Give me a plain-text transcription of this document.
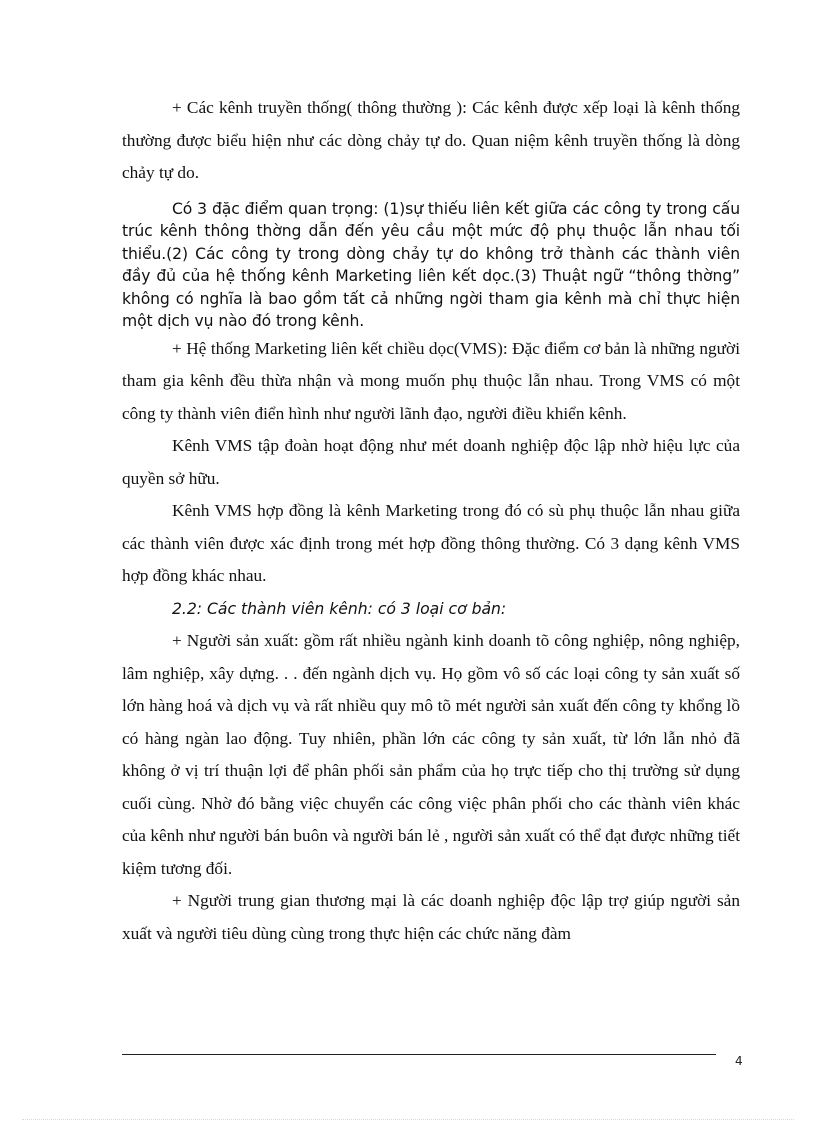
+ Các kênh truyền thống( thông thường ): Các kênh được xếp loại là kênh thống thường được biểu hiện như các dòng chảy tự do. Quan niệm kênh truyền thống là dòng chảy tự do.

Có 3 đặc điểm quan trọng: (1)sự thiếu liên kết giữa các công ty trong cấu trúc kênh thông thờng dẫn đến yêu cầu một mức độ phụ thuộc lẫn nhau tối thiểu.(2) Các công ty trong dòng chảy tự do không trở thành các thành viên đầy đủ của hệ thống kênh Marketing liên kết dọc.(3) Thuật ngữ “thông thờng” không có nghĩa là bao gồm tất cả những ngời tham gia kênh mà chỉ thực hiện một dịch vụ nào đó trong kênh.

+ Hệ thống Marketing liên kết chiều dọc(VMS): Đặc điểm cơ bản là những người tham gia kênh đều thừa nhận và mong muốn phụ thuộc lẫn nhau. Trong VMS có một công ty thành viên điển hình như người lãnh đạo, người điều khiển kênh.

Kênh VMS tập đoàn hoạt động như mét doanh nghiệp độc lập nhờ hiệu lực của quyền sở hữu.

Kênh VMS hợp đồng là kênh Marketing trong đó có sù phụ thuộc lẫn nhau giữa các thành viên được xác định trong mét hợp đồng thông thường. Có 3 dạng kênh VMS hợp đồng khác nhau.

2.2: Các thành viên kênh: có 3 loại cơ bản:

+ Người sản xuất: gồm rất nhiều ngành kinh doanh tõ công nghiệp, nông nghiệp, lâm nghiệp, xây dựng. . . đến ngành dịch vụ. Họ gồm vô số các loại công ty sản xuất số lớn hàng hoá và dịch vụ và rất nhiều quy mô tõ mét người sản xuất đến công ty khổng lồ có hàng ngàn lao động. Tuy nhiên, phần lớn các công ty sản xuất, từ lớn lẫn nhỏ đã không ở vị trí thuận lợi để phân phối sản phẩm của họ trực tiếp cho thị trường sử dụng cuối cùng. Nhờ đó bằng việc chuyển các công việc phân phối cho các thành viên khác của kênh như người bán buôn và người bán lẻ , người sản xuất có thể đạt được những tiết kiệm tương đối.

+ Người trung gian thương mại là các doanh nghiệp độc lập trợ giúp người sản xuất và người tiêu dùng cùng trong thực hiện các chức năng đàm

4
